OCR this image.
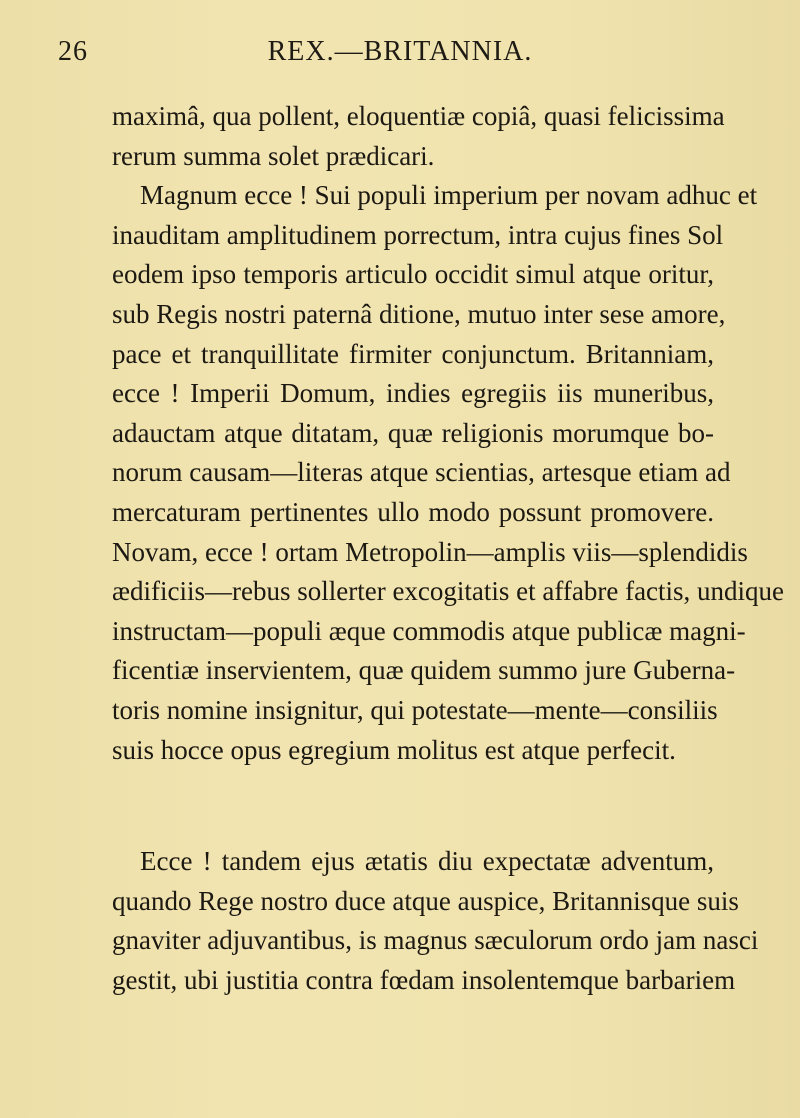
26	REX.—BRITANNIA.
maximâ, qua pollent, eloquentiæ copiâ, quasi felicissima
rerum summa solet prædicari.
Magnum ecce ! Sui populi imperium per novam adhuc et
inauditam amplitudinem porrectum, intra cujus fines Sol
eodem ipso temporis articulo occidit simul atque oritur,
sub Regis nostri paternâ ditione, mutuo inter sese amore,
pace et tranquillitate firmiter conjunctum. Britanniam,
ecce ! Imperii Domum, indies egregiis iis muneribus,
adauctam atque ditatam, quæ religionis morumque bo-
norum causam—literas atque scientias, artesque etiam ad
mercaturam pertinentes ullo modo possunt promovere.
Novam, ecce ! ortam Metropolin—amplis viis—splendidis
ædificiis—rebus sollerter excogitatis et affabre factis, undique
instructam—populi æque commodis atque publicæ magni-
ficentiæ inservientem, quæ quidem summo jure Guberna-
toris nomine insignitur, qui potestate—mente—consiliis
suis hocce opus egregium molitus est atque perfecit.
Ecce ! tandem ejus ætatis diu expectatæ adventum,
quando Rege nostro duce atque auspice, Britannisque suis
gnaviter adjuvantibus, is magnus sæculorum ordo jam nasci
gestit, ubi justitia contra fœdam insolentemque barbariem
